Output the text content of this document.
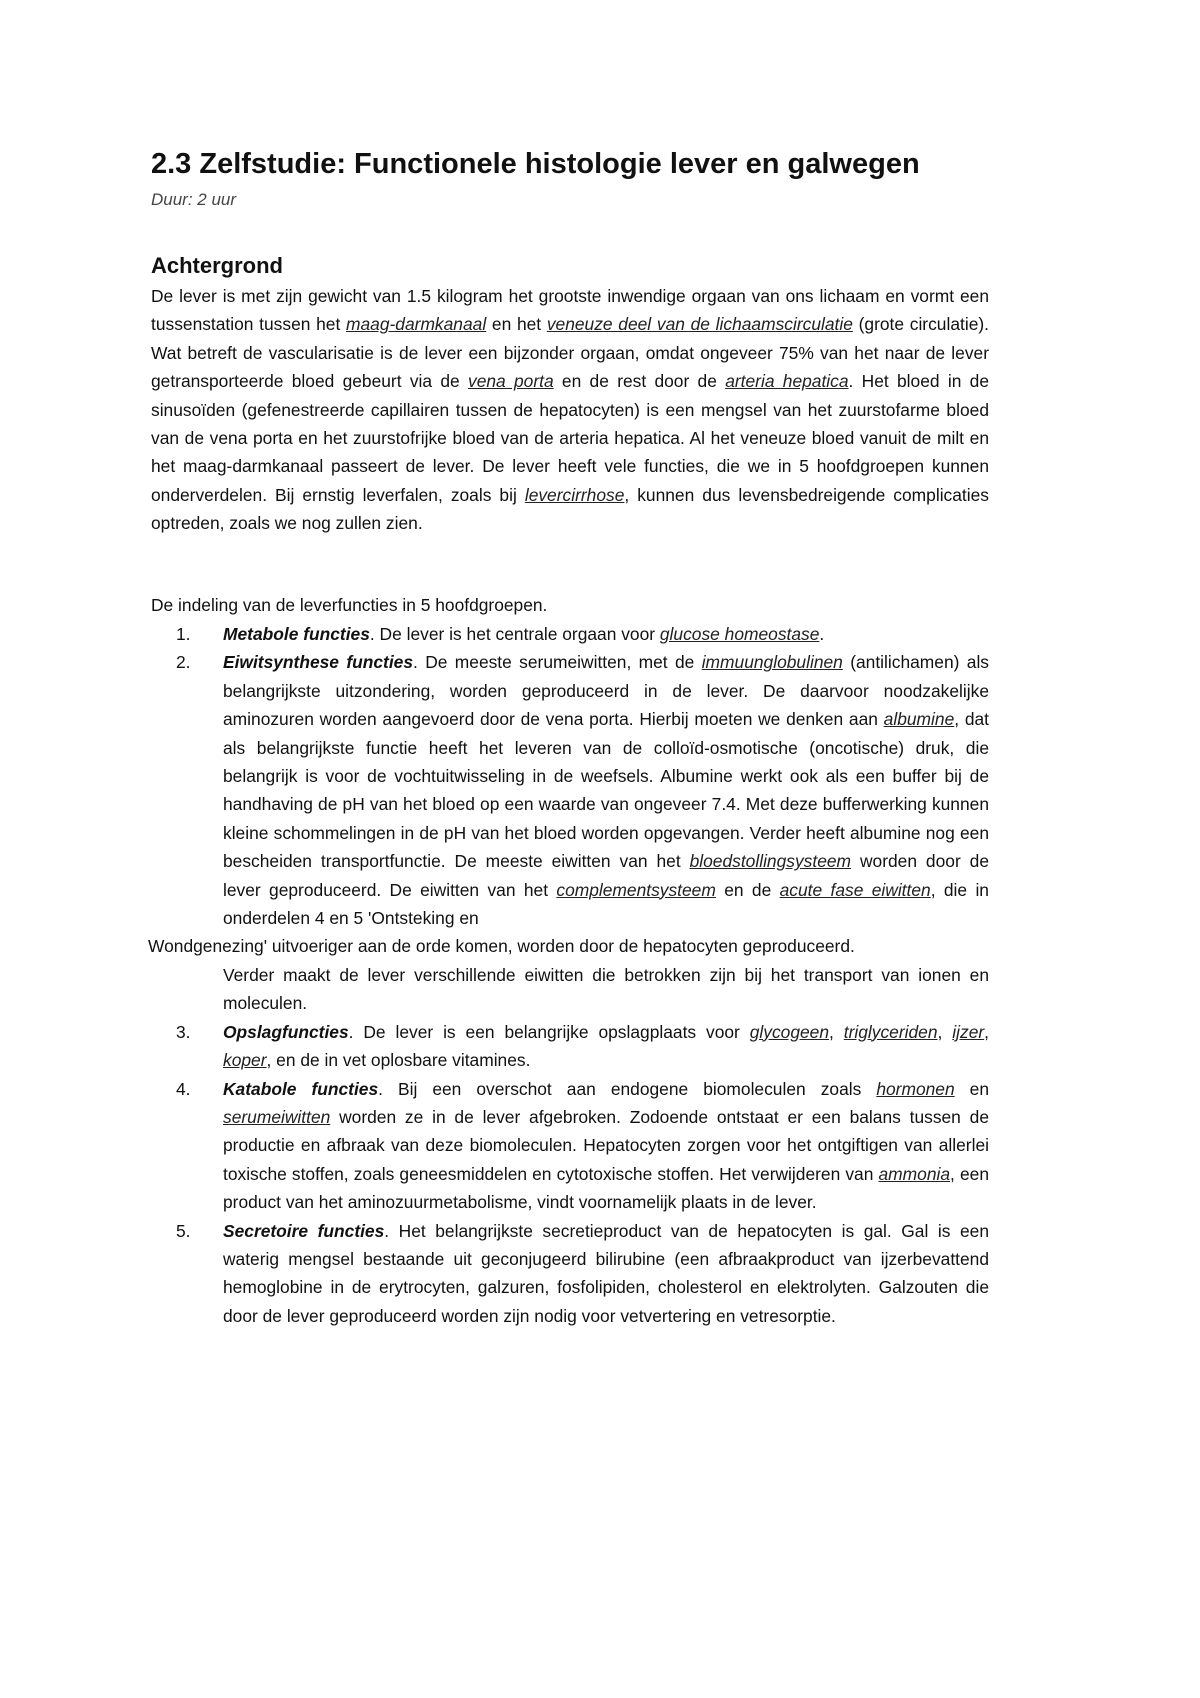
2.3 Zelfstudie: Functionele histologie lever en galwegen

Duur: 2 uur

Achtergrond

De lever is met zijn gewicht van 1.5 kilogram het grootste inwendige orgaan van ons lichaam en vormt een tussenstation tussen het maag-darmkanaal en het veneuze deel van de lichaamscirculatie (grote circulatie). Wat betreft de vascularisatie is de lever een bijzonder orgaan, omdat ongeveer 75% van het naar de lever getransporteerde bloed gebeurt via de vena porta en de rest door de arteria hepatica. Het bloed in de sinusoïden (gefenestreerde capillairen tussen de hepatocyten) is een mengsel van het zuurstofarme bloed van de vena porta en het zuurstofrijke bloed van de arteria hepatica. Al het veneuze bloed vanuit de milt en het maag-darmkanaal passeert de lever. De lever heeft vele functies, die we in 5 hoofdgroepen kunnen onderverdelen. Bij ernstig leverfalen, zoals bij levercirrhose, kunnen dus levensbedreigende complicaties optreden, zoals we nog zullen zien.

De indeling van de leverfuncties in 5 hoofdgroepen.

1. Metabole functies. De lever is het centrale orgaan voor glucose homeostase.
2. Eiwitsynthese functies. De meeste serumeiwitten, met de immuunglobulinen (antilichamen) als belangrijkste uitzondering, worden geproduceerd in de lever. De daarvoor noodzakelijke aminozuren worden aangevoerd door de vena porta. Hierbij moeten we denken aan albumine, dat als belangrijkste functie heeft het leveren van de colloïd-osmotische (oncotische) druk, die belangrijk is voor de vochtuitwisseling in de weefsels. Albumine werkt ook als een buffer bij de handhaving de pH van het bloed op een waarde van ongeveer 7.4. Met deze bufferwerking kunnen kleine schommelingen in de pH van het bloed worden opgevangen. Verder heeft albumine nog een bescheiden transportfunctie. De meeste eiwitten van het bloedstollingsysteem worden door de lever geproduceerd. De eiwitten van het complementsysteem en de acute fase eiwitten, die in onderdelen 4 en 5 'Ontsteking en
Wondgenezing' uitvoeriger aan de orde komen, worden door de hepatocyten geproduceerd.
Verder maakt de lever verschillende eiwitten die betrokken zijn bij het transport van ionen en moleculen.
3. Opslagfuncties. De lever is een belangrijke opslagplaats voor glycogeen, triglyceriden, ijzer, koper, en de in vet oplosbare vitamines.
4. Katabole functies. Bij een overschot aan endogene biomoleculen zoals hormonen en serumeiwitten worden ze in de lever afgebroken. Zodoende ontstaat er een balans tussen de productie en afbraak van deze biomoleculen. Hepatocyten zorgen voor het ontgiftigen van allerlei toxische stoffen, zoals geneesmiddelen en cytotoxische stoffen. Het verwijderen van ammonia, een product van het aminozuurmetabolisme, vindt voornamelijk plaats in de lever.
5. Secretoire functies. Het belangrijkste secretieproduct van de hepatocyten is gal. Gal is een waterig mengsel bestaande uit geconjugeerd bilirubine (een afbraakproduct van ijzerbevattend hemoglobine in de erytrocyten, galzuren, fosfolipiden, cholesterol en elektrolyten. Galzouten die door de lever geproduceerd worden zijn nodig voor vetvertering en vetresorptie.
